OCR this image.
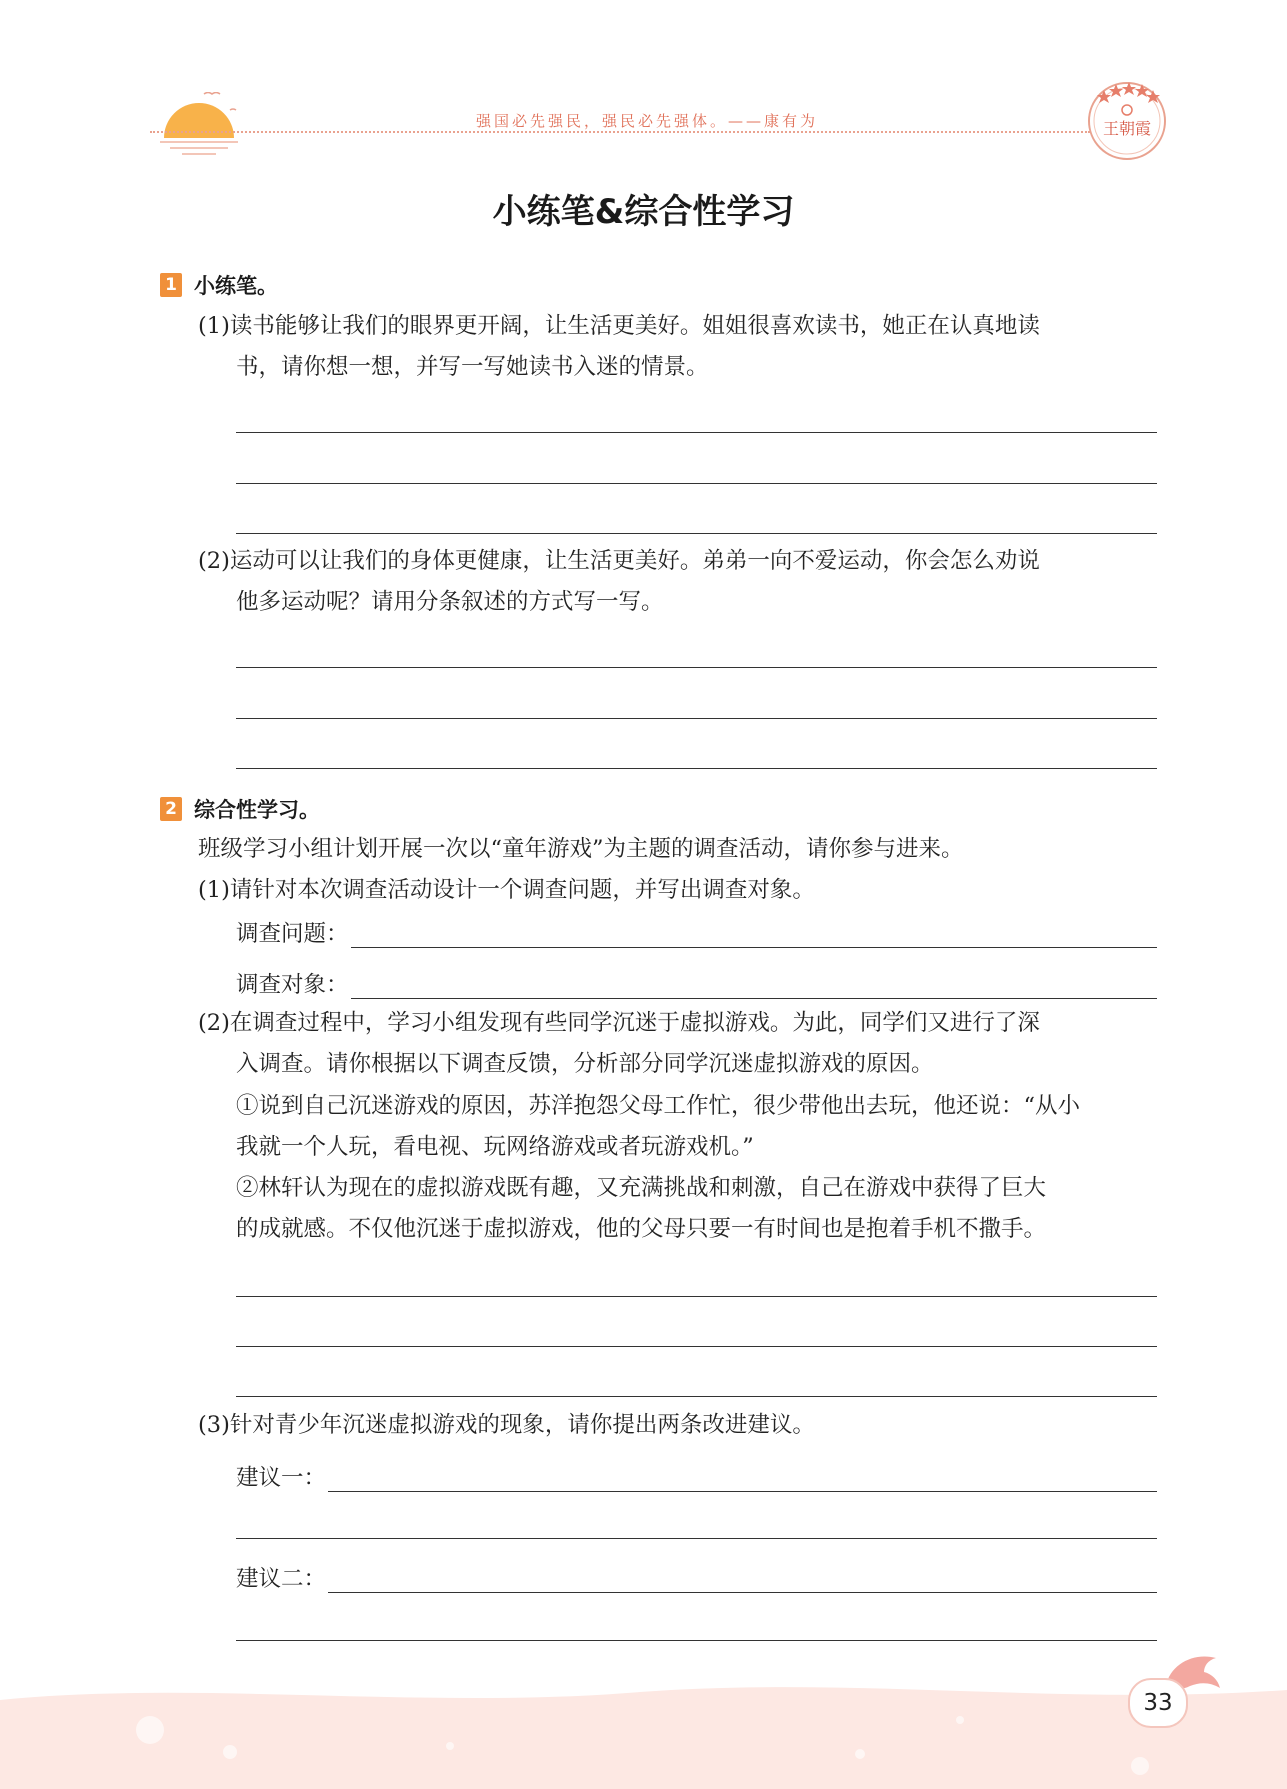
强国必先强民，强民必先强体。——康有为	王朝霞
小练笔&综合性学习
1 小练笔。
(1)读书能够让我们的眼界更开阔，让生活更美好。姐姐很喜欢读书，她正在认真地读
书，请你想一想，并写一写她读书入迷的情景。
(2)运动可以让我们的身体更健康，让生活更美好。弟弟一向不爱运动，你会怎么劝说
他多运动呢？请用分条叙述的方式写一写。
2 综合性学习。
班级学习小组计划开展一次以“童年游戏”为主题的调查活动，请你参与进来。
(1)请针对本次调查活动设计一个调查问题，并写出调查对象。
调查问题：
调查对象：
(2)在调查过程中，学习小组发现有些同学沉迷于虚拟游戏。为此，同学们又进行了深
入调查。请你根据以下调查反馈，分析部分同学沉迷虚拟游戏的原因。
①说到自己沉迷游戏的原因，苏洋抱怨父母工作忙，很少带他出去玩，他还说：“从小
我就一个人玩，看电视、玩网络游戏或者玩游戏机。”
②林轩认为现在的虚拟游戏既有趣，又充满挑战和刺激，自己在游戏中获得了巨大
的成就感。不仅他沉迷于虚拟游戏，他的父母只要一有时间也是抱着手机不撒手。
(3)针对青少年沉迷虚拟游戏的现象，请你提出两条改进建议。
建议一：
建议二：
33
